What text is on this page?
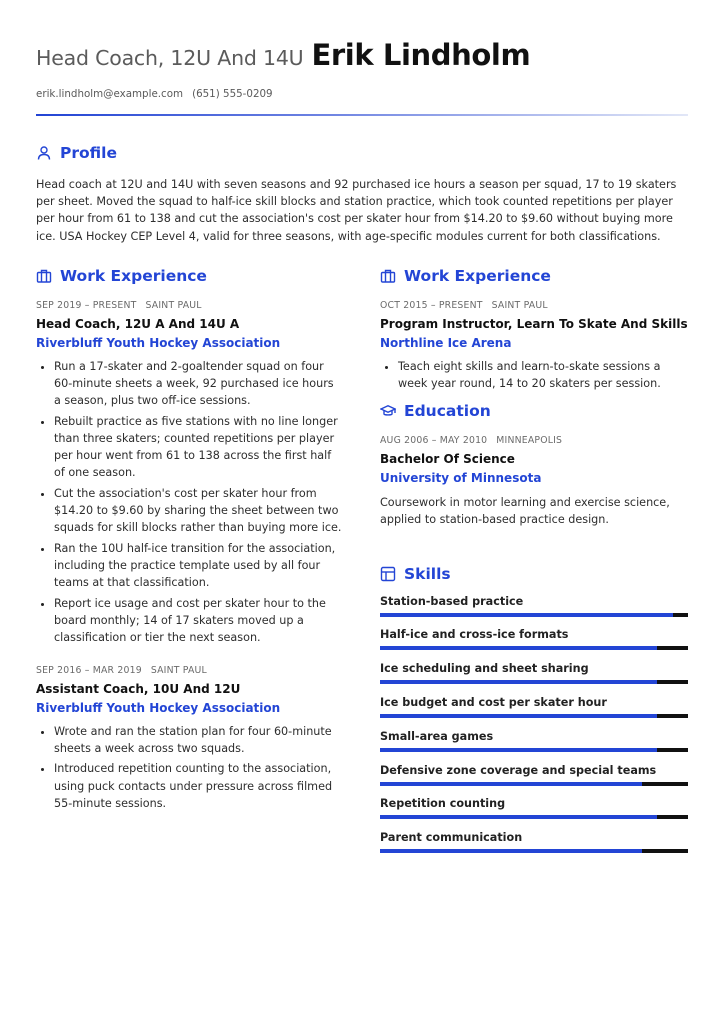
Head Coach, 12U And 14U Erik Lindholm
erik.lindholm@example.com (651) 555-0209
Profile
Head coach at 12U and 14U with seven seasons and 92 purchased ice hours a season per squad, 17 to 19 skaters per sheet. Moved the squad to half-ice skill blocks and station practice, which took counted repetitions per player per hour from 61 to 138 and cut the association's cost per skater hour from $14.20 to $9.60 without buying more ice. USA Hockey CEP Level 4, valid for three seasons, with age-specific modules current for both classifications.
Work Experience
SEP 2019 – PRESENT SAINT PAUL
Head Coach, 12U A And 14U A
Riverbluff Youth Hockey Association
• Run a 17-skater and 2-goaltender squad on four 60-minute sheets a week, 92 purchased ice hours a season, plus two off-ice sessions.
• Rebuilt practice as five stations with no line longer than three skaters; counted repetitions per player per hour went from 61 to 138 across the first half of one season.
• Cut the association's cost per skater hour from $14.20 to $9.60 by sharing the sheet between two squads for skill blocks rather than buying more ice.
• Ran the 10U half-ice transition for the association, including the practice template used by all four teams at that classification.
• Report ice usage and cost per skater hour to the board monthly; 14 of 17 skaters moved up a classification or tier the next season.
SEP 2016 – MAR 2019 SAINT PAUL
Assistant Coach, 10U And 12U
Riverbluff Youth Hockey Association
• Wrote and ran the station plan for four 60-minute sheets a week across two squads.
• Introduced repetition counting to the association, using puck contacts under pressure across filmed 55-minute sessions.
Work Experience
OCT 2015 – PRESENT SAINT PAUL
Program Instructor, Learn To Skate And Skills
Northline Ice Arena
• Teach eight skills and learn-to-skate sessions a week year round, 14 to 20 skaters per session.
Education
AUG 2006 – MAY 2010 MINNEAPOLIS
Bachelor Of Science
University of Minnesota
Coursework in motor learning and exercise science, applied to station-based practice design.
Skills
Station-based practice
Half-ice and cross-ice formats
Ice scheduling and sheet sharing
Ice budget and cost per skater hour
Small-area games
Defensive zone coverage and special teams
Repetition counting
Parent communication
